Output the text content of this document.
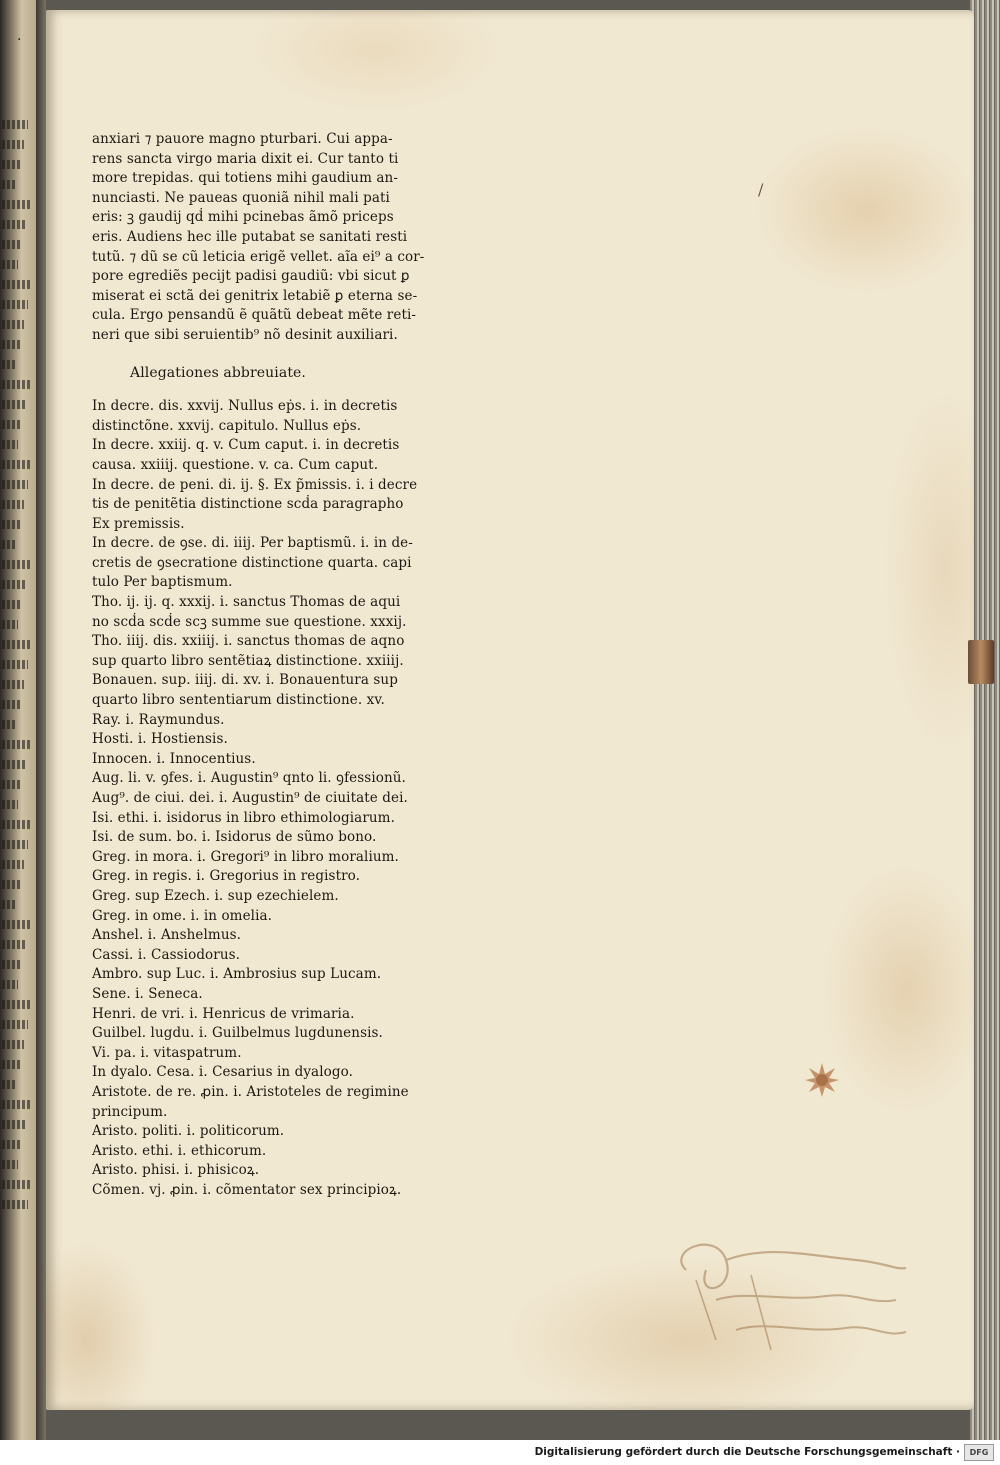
anxiari ⁊ pauore magno pturbari. Cui appa-
rens sancta virgo maria dixit ei. Cur tanto ti
more trepidas. qui totiens mihi gaudium an-
nunciasti. Ne paueas quoniã nihil mali pati
eris: ꝫ gaudij qḋ mihi pcinebas ãmõ priceps
eris. Audiens hec ille putabat se sanitati resti
tutũ. ⁊ dũ se cũ leticia erigẽ vellet. aĩa ei⁹ a cor-
pore egrediẽs pecijt padisi gaudiũ: vbi sicut ꝑ
miserat ei sctã dei genitrix letabiẽ ꝑ eterna se-
cula. Ergo pensandũ ẽ quãtũ debeat mẽte reti-
neri que sibi seruientib⁹ nõ desinit auxiliari.
Allegationes abbreuiate.
In decre. dis. xxvij. Nullus eṗs. i. in decretis
distinctõne. xxvij. capitulo. Nullus eṗs.
In decre. xxiij. q. v. Cum caput. i. in decretis
causa. xxiiij. questione. v. ca. Cum caput.
In decre. de peni. di. ij. §. Ex p̃missis. i. i decre
tis de penitẽtia distinctione scḋa paragrapho
Ex premissis.
In decre. de ꝯse. di. iiij. Per baptismũ. i. in de-
cretis de ꝯsecratione distinctione quarta. capi
tulo Per baptismum.
Tho. ij. ij. q. xxxij. i. sanctus Thomas de aqui
no scḋa scḋe scꝫ summe sue questione. xxxij.
Tho. iiij. dis. xxiiij. i. sanctus thomas de aqno
sup quarto libro sentẽtiaꝝ distinctione. xxiiij.
Bonauen. sup. iiij. di. xv. i. Bonauentura sup
quarto libro sententiarum distinctione. xv.
Ray. i. Raymundus.
Hosti. i. Hostiensis.
Innocen. i. Innocentius.
Aug. li. v. ꝯfes. i. Augustin⁹ qnto li. ꝯfessionũ.
Aug⁹. de ciui. dei. i. Augustin⁹ de ciuitate dei.
Isi. ethi. i. isidorus in libro ethimologiarum.
Isi. de sum. bo. i. Isidorus de sũmo bono.
Greg. in mora. i. Gregori⁹ in libro moralium.
Greg. in regis. i. Gregorius in registro.
Greg. sup Ezech. i. sup ezechielem.
Greg. in ome. i. in omelia.
Anshel. i. Anshelmus.
Cassi. i. Cassiodorus.
Ambro. sup Luc. i. Ambrosius sup Lucam.
Sene. i. Seneca.
Henri. de vri. i. Henricus de vrimaria.
Guilbel. lugdu. i. Guilbelmus lugdunensis.
Vi. pa. i. vitaspatrum.
In dyalo. Cesa. i. Cesarius in dyalogo.
Aristote. de re. ꝓin. i. Aristoteles de regimine
principum.
Aristo. politi. i. politicorum.
Aristo. ethi. i. ethicorum.
Aristo. phisi. i. phisicoꝝ.
Cõmen. vj. ꝓin. i. cõmentator sex principioꝝ.
/
·
Digitalisierung gefördert durch die Deutsche Forschungsgemeinschaft ·	DFG
